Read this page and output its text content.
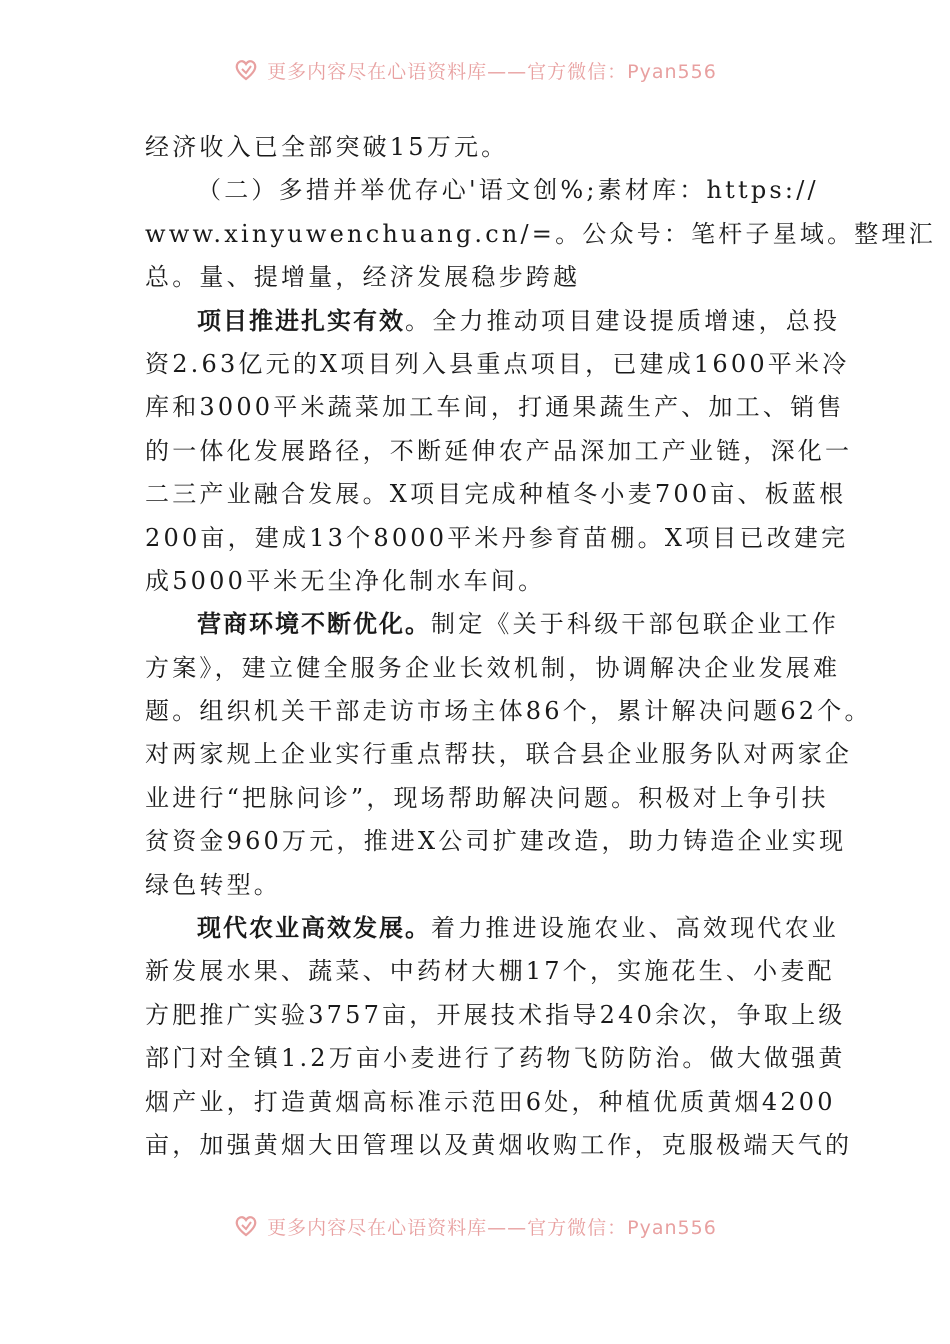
更多内容尽在心语资料库——官方微信：Pyan556
经济收入已全部突破15万元。
（二）多措并举优存心'语文创%;素材库：https://
www.xinyuwenchuang.cn/=。公众号：笔杆子星域。整理汇
总。量、提增量，经济发展稳步跨越
项目推进扎实有效。全力推动项目建设提质增速，总投
资2.63亿元的X项目列入县重点项目，已建成1600平米冷
库和3000平米蔬菜加工车间，打通果蔬生产、加工、销售
的一体化发展路径，不断延伸农产品深加工产业链，深化一
二三产业融合发展。X项目完成种植冬小麦700亩、板蓝根
200亩，建成13个8000平米丹参育苗棚。X项目已改建完
成5000平米无尘净化制水车间。
营商环境不断优化。制定《关于科级干部包联企业工作
方案》，建立健全服务企业长效机制，协调解决企业发展难
题。组织机关干部走访市场主体86个，累计解决问题62个。
对两家规上企业实行重点帮扶，联合县企业服务队对两家企
业进行“把脉问诊”，现场帮助解决问题。积极对上争引扶
贫资金960万元，推进X公司扩建改造，助力铸造企业实现
绿色转型。
现代农业高效发展。着力推进设施农业、高效现代农业
新发展水果、蔬菜、中药材大棚17个，实施花生、小麦配
方肥推广实验3757亩，开展技术指导240余次，争取上级
部门对全镇1.2万亩小麦进行了药物飞防防治。做大做强黄
烟产业，打造黄烟高标准示范田6处，种植优质黄烟4200
亩，加强黄烟大田管理以及黄烟收购工作，克服极端天气的
更多内容尽在心语资料库——官方微信：Pyan556
